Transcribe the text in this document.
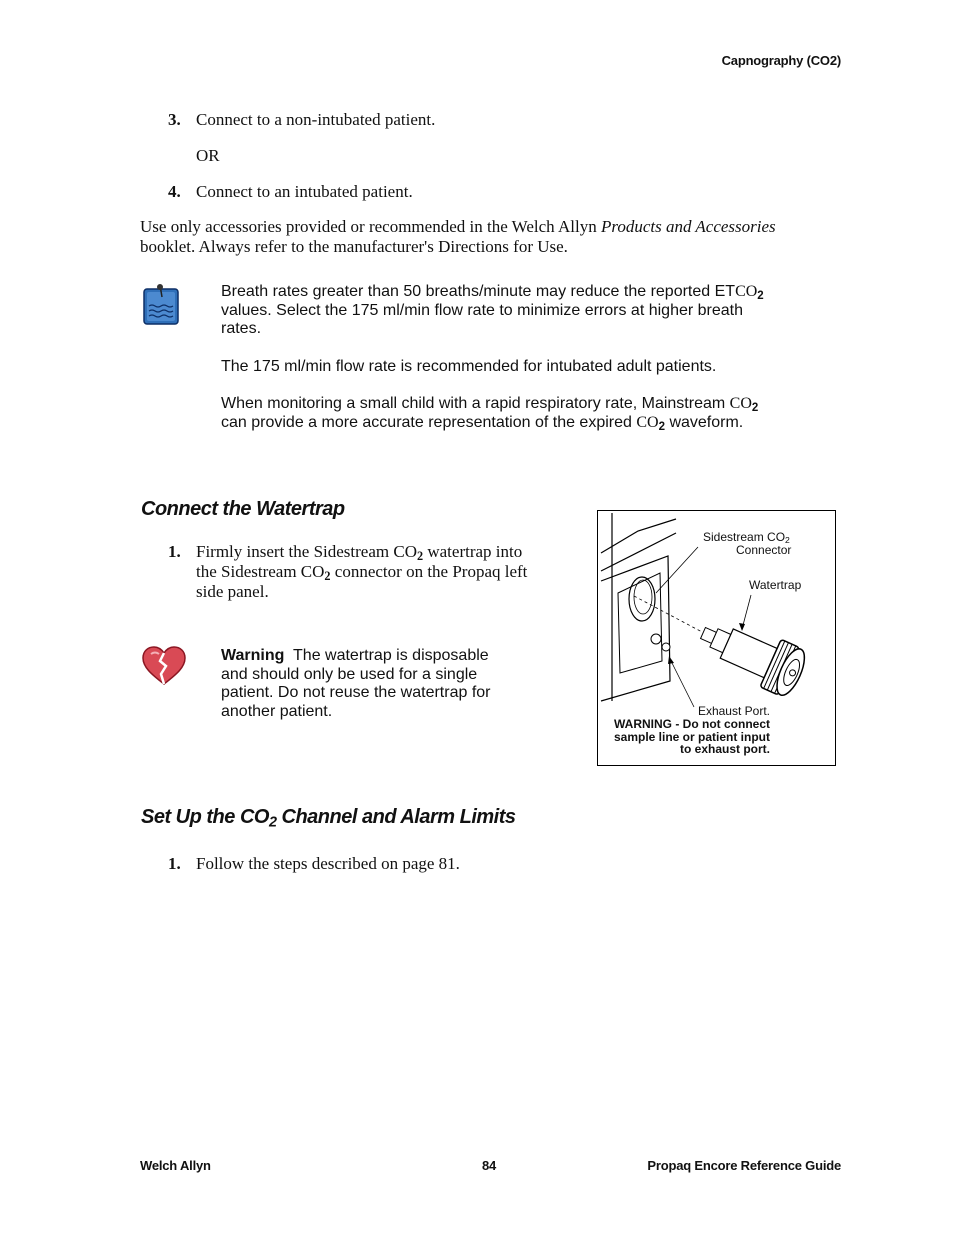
Capnography (CO2)
3. Connect to a non-intubated patient.
OR
4. Connect to an intubated patient.
Use only accessories provided or recommended in the Welch Allyn Products and Accessories
booklet. Always refer to the manufacturer's Directions for Use.
Breath rates greater than 50 breaths/minute may reduce the reported $ETCO_2$
values. Select the 175 ml/min flow rate to minimize errors at higher breath
rates.
The 175 ml/min flow rate is recommended for intubated adult patients.
When monitoring a small child with a rapid respiratory rate, Mainstream $CO_2$
can provide a more accurate representation of the expired $CO_2$ waveform.
Connect the Watertrap
1. Firmly insert the Sidestream $CO_2$ watertrap into
the Sidestream $CO_2$ connector on the Propaq left
side panel.
Warning The watertrap is disposable
and should only be used for a single
patient. Do not reuse the watertrap for
another patient.
Sidestream $CO_2$
Connector
Watertrap
Exhaust Port.
WARNING - Do not connect
sample line or patient input
to exhaust port.
Set Up the $CO_2$ Channel and Alarm Limits
1. Follow the steps described on page 81.
Welch Allyn	84	Propaq Encore Reference Guide
